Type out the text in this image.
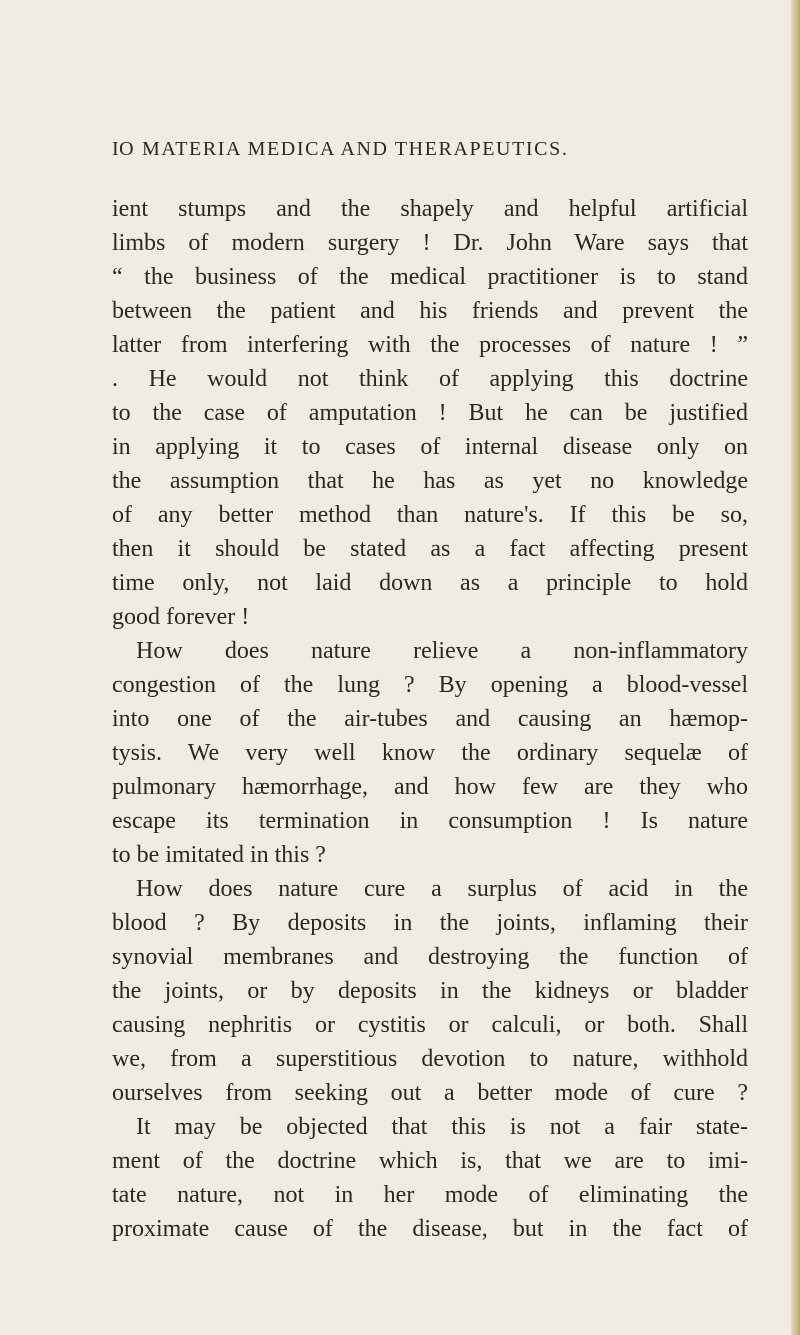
IO MATERIA MEDICA AND THERAPEUTICS.
ient stumps and the shapely and helpful artificial
limbs of modern surgery ! Dr. John Ware says that
“ the business of the medical practitioner is to stand
between the patient and his friends and prevent the
latter from interfering with the processes of nature ! ”
. He would not think of applying this doctrine
to the case of amputation ! But he can be justified
in applying it to cases of internal disease only on
the assumption that he has as yet no knowledge
of any better method than nature's. If this be so,
then it should be stated as a fact affecting present
time only, not laid down as a principle to hold
good forever !
How does nature relieve a non-inflammatory
congestion of the lung ? By opening a blood-vessel
into one of the air-tubes and causing an hæmop-
tysis. We very well know the ordinary sequelæ of
pulmonary hæmorrhage, and how few are they who
escape its termination in consumption ! Is nature
to be imitated in this ?
How does nature cure a surplus of acid in the
blood ? By deposits in the joints, inflaming their
synovial membranes and destroying the function of
the joints, or by deposits in the kidneys or bladder
causing nephritis or cystitis or calculi, or both. Shall
we, from a superstitious devotion to nature, withhold
ourselves from seeking out a better mode of cure ?
It may be objected that this is not a fair state-
ment of the doctrine which is, that we are to imi-
tate nature, not in her mode of eliminating the
proximate cause of the disease, but in the fact of
